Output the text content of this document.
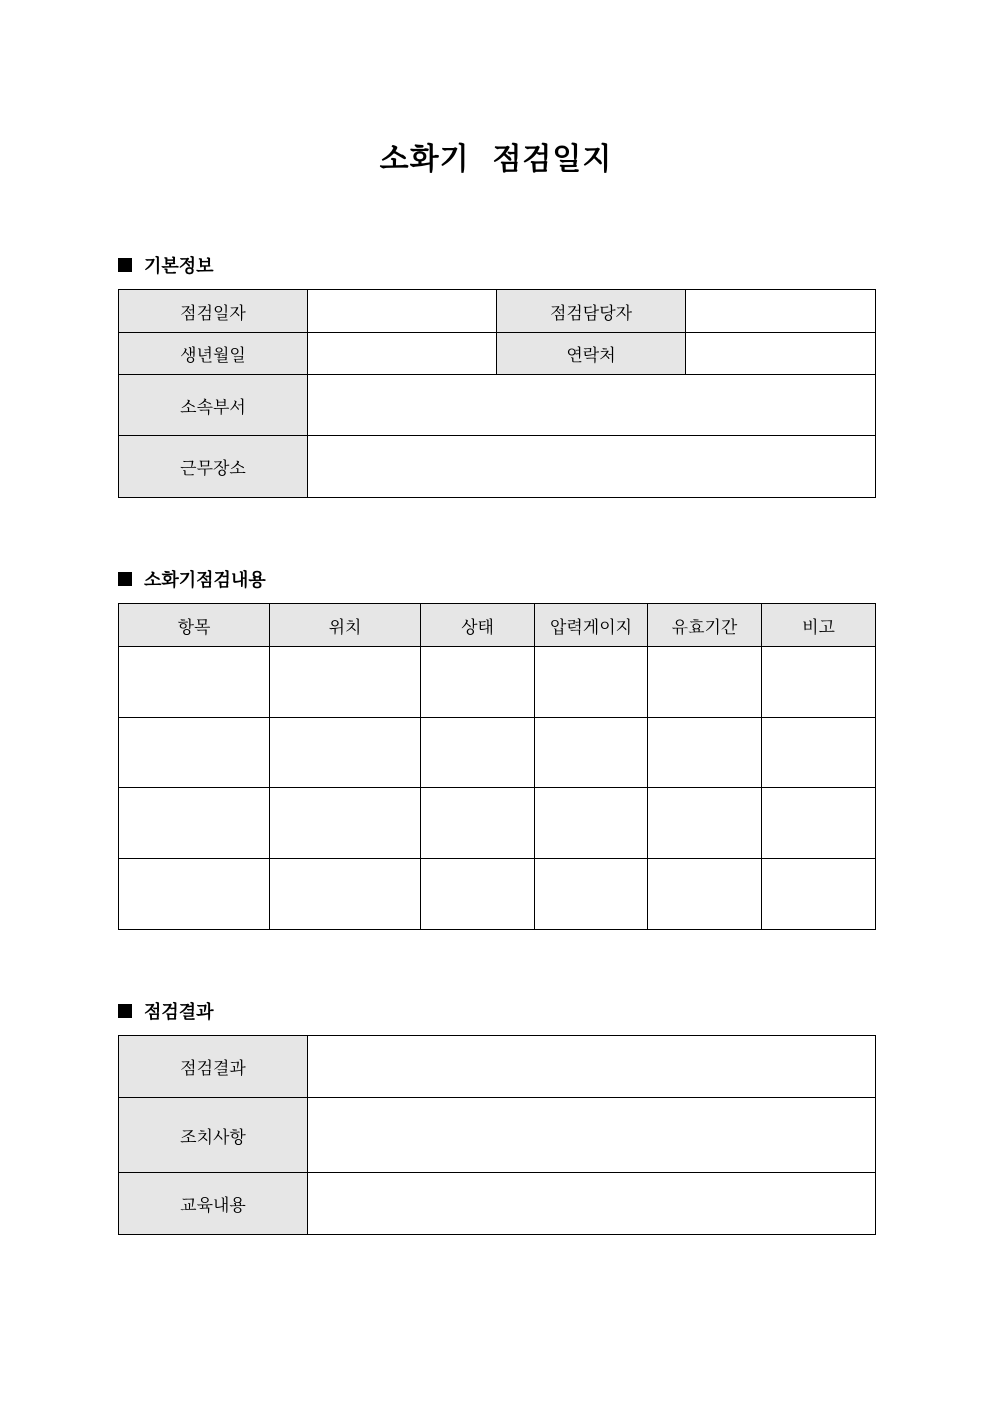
소화기  점검일지
기본정보
점검일자		점검담당자	
생년월일		연락처	
소속부서			
근무장소			
소화기점검내용
항목	위치	상태	압력게이지	유효기간	비고

점검결과
점검결과	
조치사항	
교육내용	
